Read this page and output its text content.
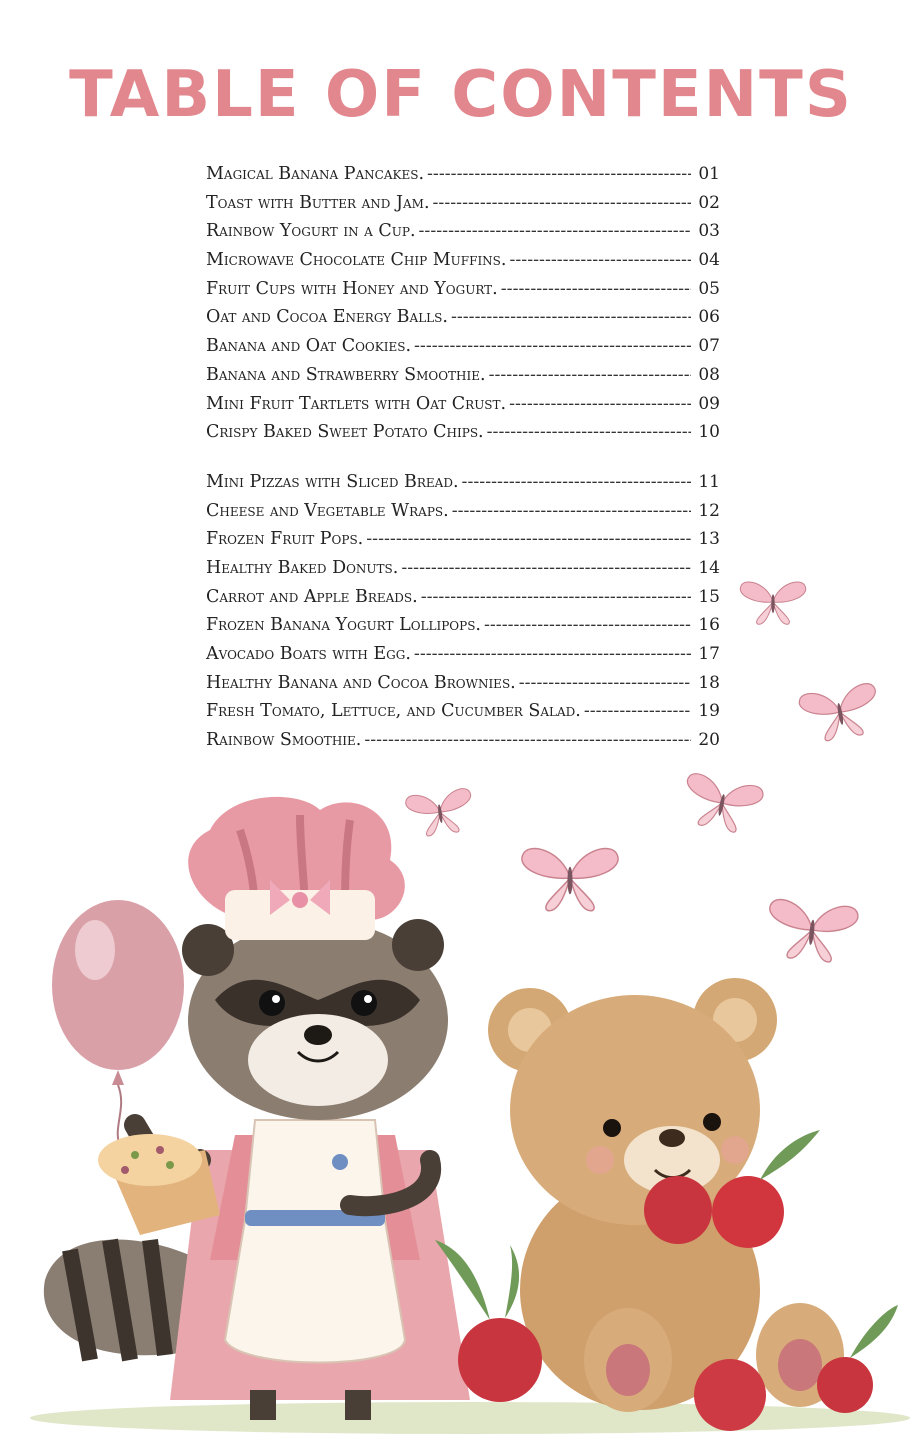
TABLE OF CONTENTS
Magical Banana Pancakes. -----	01
Toast with Butter and Jam. -----	02
Rainbow Yogurt in a Cup. -----	03
Microwave Chocolate Chip Muffins. -----	04
Fruit Cups with Honey and Yogurt. -----	05
Oat and Cocoa Energy Balls. -----	06
Banana and Oat Cookies. -----	07
Banana and Strawberry Smoothie. -----	08
Mini Fruit Tartlets with Oat Crust. -----	09
Crispy Baked Sweet Potato Chips. -----	10
Mini Pizzas with Sliced Bread. -----	11
Cheese and Vegetable Wraps. -----	12
Frozen Fruit Pops. -----	13
Healthy Baked Donuts. -----	14
Carrot and Apple Breads. -----	15
Frozen Banana Yogurt Lollipops. -----	16
Avocado Boats with Egg. -----	17
Healthy Banana and Cocoa Brownies. -----	18
Fresh Tomato, Lettuce, and Cucumber Salad. -----	19
Rainbow Smoothie. -----	20
